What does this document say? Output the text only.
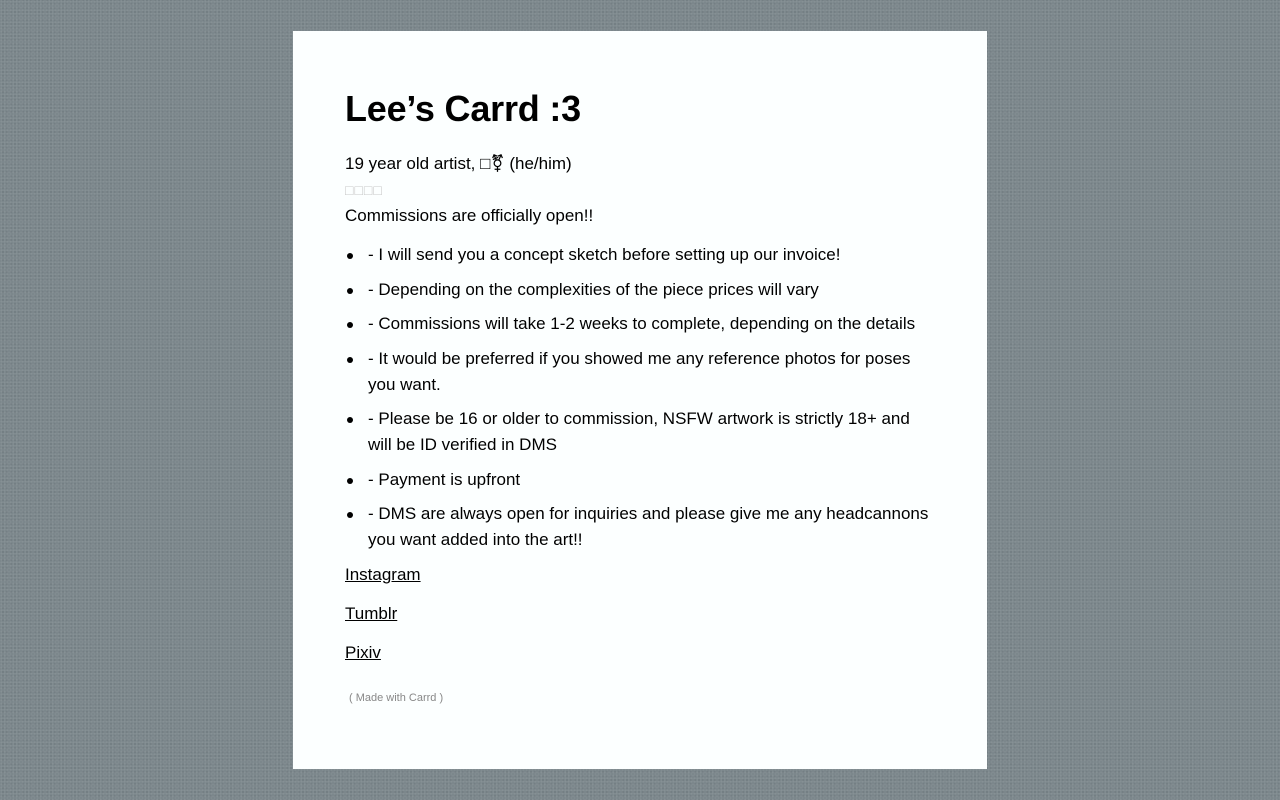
Lee’s Carrd :3

19 year old artist, □⚧ (he/him)

□□□□

Commissions are officially open!!

- I will send you a concept sketch before setting up our invoice!
- Depending on the complexities of the piece prices will vary
- Commissions will take 1-2 weeks to complete, depending on the details
- It would be preferred if you showed me any reference photos for poses you want.
- Please be 16 or older to commission, NSFW artwork is strictly 18+ and will be ID verified in DMS
- Payment is upfront
- DMS are always open for inquiries and please give me any headcannons you want added into the art!!
Instagram
Tumblr
Pixiv

( Made with Carrd )
